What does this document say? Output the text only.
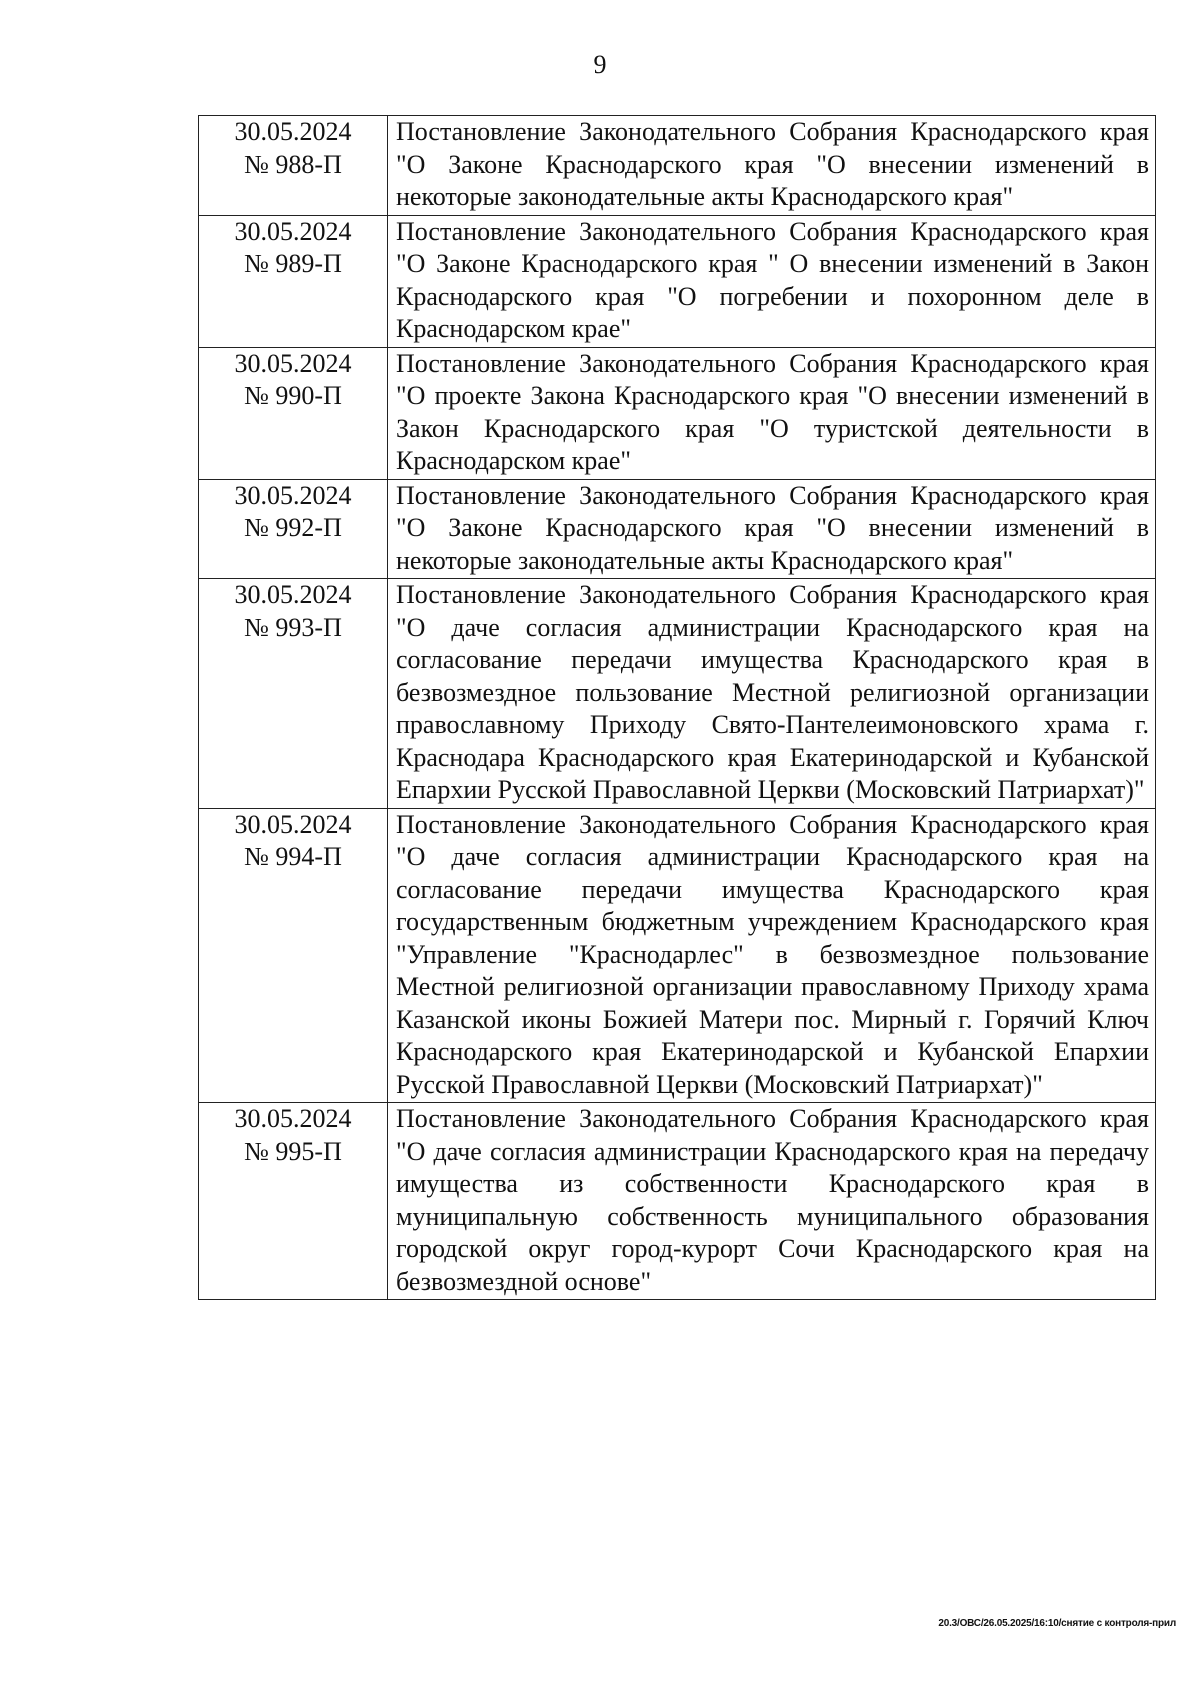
9
30.05.2024
№ 988-П	Постановление Законодательного Собрания Краснодарского края "О Законе Краснодарского края "О внесении изменений в некоторые законодательные акты Краснодарского края"

30.05.2024
№ 989-П	Постановление Законодательного Собрания Краснодарского края "О Законе Краснодарского края " О внесении изменений в Закон Краснодарского края "О погребении и похоронном деле в Краснодарском крае"

30.05.2024
№ 990-П	Постановление Законодательного Собрания Краснодарского края "О проекте Закона Краснодарского края "О внесении изменений в Закон Краснодарского края "О туристской деятельности в Краснодарском крае"

30.05.2024
№ 992-П	Постановление Законодательного Собрания Краснодарского края "О Законе Краснодарского края "О внесении изменений в некоторые законодательные акты Краснодарского края"

30.05.2024
№ 993-П	Постановление Законодательного Собрания Краснодарского края "О даче согласия администрации Краснодарского края на согласование передачи имущества Краснодарского края в безвозмездное пользование Местной религиозной организации православному Приходу Свято-Пантелеимоновского храма г. Краснодара Краснодарского края Екатеринодарской и Кубанской Епархии Русской Православной Церкви (Московский Патриархат)"

30.05.2024
№ 994-П	Постановление Законодательного Собрания Краснодарского края "О даче согласия администрации Краснодарского края на согласование передачи имущества Краснодарского края государственным бюджетным учреждением Краснодарского края "Управление "Краснодарлес" в безвозмездное пользование Местной религиозной организации православному Приходу храма Казанской иконы Божией Матери пос. Мирный г. Горячий Ключ Краснодарского края Екатеринодарской и Кубанской Епархии Русской Православной Церкви (Московский Патриархат)"

30.05.2024
№ 995-П	Постановление Законодательного Собрания Краснодарского края "О даче согласия администрации Краснодарского края на передачу имущества из собственности Краснодарского края в муниципальную собственность муниципального образования городской округ город-курорт Сочи Краснодарского края на безвозмездной основе"
20.3/ОВС/26.05.2025/16:10/снятие с контроля-прил
